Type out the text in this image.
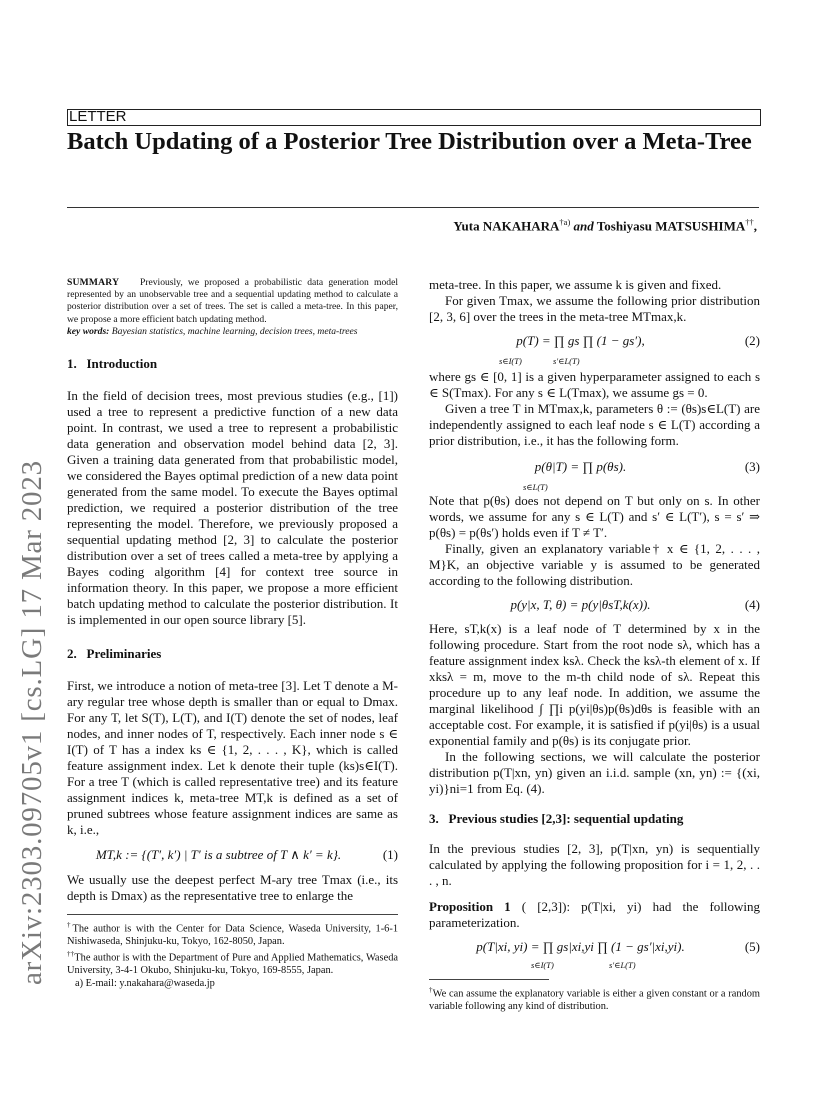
arXiv:2303.09705v1 [cs.LG] 17 Mar 2023
LETTER
Batch Updating of a Posterior Tree Distribution over a Meta-Tree
Yuta NAKAHARA$^{\dagger a)}$ and Toshiyasu MATSUSHIMA††,
SUMMARY Previously, we proposed a probabilistic data generation model represented by an unobservable tree and a sequential updating method to calculate a posterior distribution over a set of trees. The set is called a meta-tree. In this paper, we propose a more efficient batch updating method.
key words: Bayesian statistics, machine learning, decision trees, meta-trees
1. Introduction

In the field of decision trees, most previous studies (e.g., [1]) used a tree to represent a predictive function of a new data point. In contrast, we used a tree to represent a probabilistic data generation and observation model behind data [2, 3]. Given a training data generated from that probabilistic model, we considered the Bayes optimal prediction of a new data point generated from the same model. To execute the Bayes optimal prediction, we required a posterior distribution of the tree representing the model. Therefore, we previously proposed a sequential updating method [2, 3] to calculate the posterior distribution over a set of trees called a meta-tree by applying a Bayes coding algorithm [4] for context tree source in information theory. In this paper, we propose a more efficient batch updating method to calculate the posterior distribution. It is implemented in our open source library [5].

2. Preliminaries

First, we introduce a notion of meta-tree [3]. Let T denote a M-ary regular tree whose depth is smaller than or equal to Dmax. For any T, let S(T), L(T), and I(T) denote the set of nodes, leaf nodes, and inner nodes of T, respectively. Each inner node s ∈ I(T) of T has a index ks ∈ {1, 2, . . . , K}, which is called feature assignment index. Let k denote their tuple (ks)s∈I(T). For a tree T (which is called representative tree) and its feature assignment indices k, meta-tree MT,k is defined as a set of pruned subtrees whose feature assignment indices are same as k, i.e.,

MT,k := {(T′, k′) | T′ is a subtree of T ∧ k′ = k}.	(1)

We usually use the deepest perfect M-ary tree Tmax (i.e., its depth is Dmax) as the representative tree to enlarge the

†The author is with the Center for Data Science, Waseda University, 1-6-1 Nishiwaseda, Shinjuku-ku, Tokyo, 162-8050, Japan.
††The author is with the Department of Pure and Applied Mathematics, Waseda University, 3-4-1 Okubo, Shinjuku-ku, Tokyo, 169-8555, Japan.
a) E-mail: y.nakahara@waseda.jp

meta-tree. In this paper, we assume k is given and fixed.

For given Tmax, we assume the following prior distribution [2, 3, 6] over the trees in the meta-tree MTmax,k.

p(T) = ∏ gs ∏ (1 − gs′),
s∈I(T)	s′∈L(T)
(2)

where gs ∈ [0, 1] is a given hyperparameter assigned to each s ∈ S(Tmax). For any s ∈ L(Tmax), we assume gs = 0.

Given a tree T in MTmax,k, parameters θ := (θs)s∈L(T) are independently assigned to each leaf node s ∈ L(T) according a prior distribution, i.e., it has the following form.

p(θ|T) = ∏ p(θs).
s∈L(T)
(3)

Note that p(θs) does not depend on T but only on s. In other words, we assume for any s ∈ L(T) and s′ ∈ L(T′), s = s′ ⇒ p(θs) = p(θs′) holds even if T ≠ T′.

Finally, given an explanatory variable† x ∈ {1, 2, . . . , M}K, an objective variable y is assumed to be generated according to the following distribution.

p(y|x, T, θ) = p(y|θsT,k(x)).	(4)

Here, sT,k(x) is a leaf node of T determined by x in the following procedure. Start from the root node sλ, which has a feature assignment index ksλ. Check the ksλ-th element of x. If xksλ = m, move to the m-th child node of sλ. Repeat this procedure up to any leaf node. In addition, we assume the marginal likelihood ∫ ∏i p(yi|θs)p(θs)dθs is feasible with an acceptable cost. For example, it is satisfied if p(yi|θs) is a usual exponential family and p(θs) is its conjugate prior.

In the following sections, we will calculate the posterior distribution p(T|xn, yn) given an i.i.d. sample (xn, yn) := {(xi, yi)}ni=1 from Eq. (4).

3. Previous studies [2,3]: sequential updating

In the previous studies [2, 3], p(T|xn, yn) is sequentially calculated by applying the following proposition for i = 1, 2, . . . , n.

Proposition 1 ( [2,3]): p(T|xi, yi) had the following parameterization.

p(T|xi, yi) = ∏ gs|xi,yi ∏ (1 − gs′|xi,yi).
s∈I(T)	s′∈L(T)
(5)
†We can assume the explanatory variable is either a given constant or a random variable following any kind of distribution.
